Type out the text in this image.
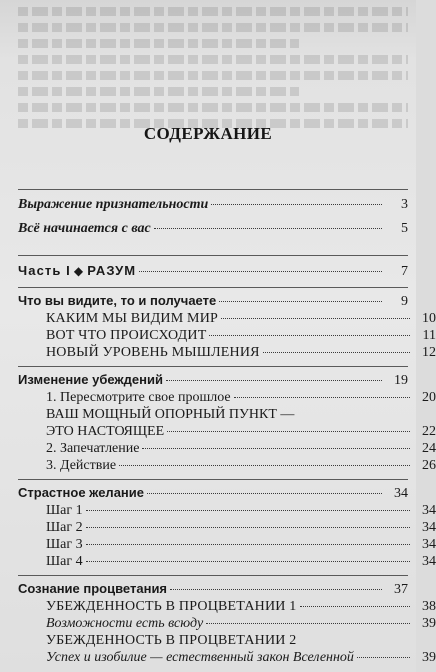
СОДЕРЖАНИЕ
Выражение признательности	3
Всё начинается с вас	5
Часть I ◆ РАЗУМ	7
Что вы видите, то и получаете	9
КАКИМ МЫ ВИДИМ МИР	10
ВОТ ЧТО ПРОИСХОДИТ	11
НОВЫЙ УРОВЕНЬ МЫШЛЕНИЯ	12
Изменение убеждений	19
1. Пересмотрите свое прошлое	20
ВАШ МОЩНЫЙ ОПОРНЫЙ ПУНКТ —
ЭТО НАСТОЯЩЕЕ	22
2. Запечатление	24
3. Действие	26
Страстное желание	34
Шаг 1	34
Шаг 2	34
Шаг 3	34
Шаг 4	34
Сознание процветания	37
УБЕЖДЕННОСТЬ В ПРОЦВЕТАНИИ 1	38
Возможности есть всюду	39
УБЕЖДЕННОСТЬ В ПРОЦВЕТАНИИ 2
Успех и изобилие — естественный закон Вселенной	39
